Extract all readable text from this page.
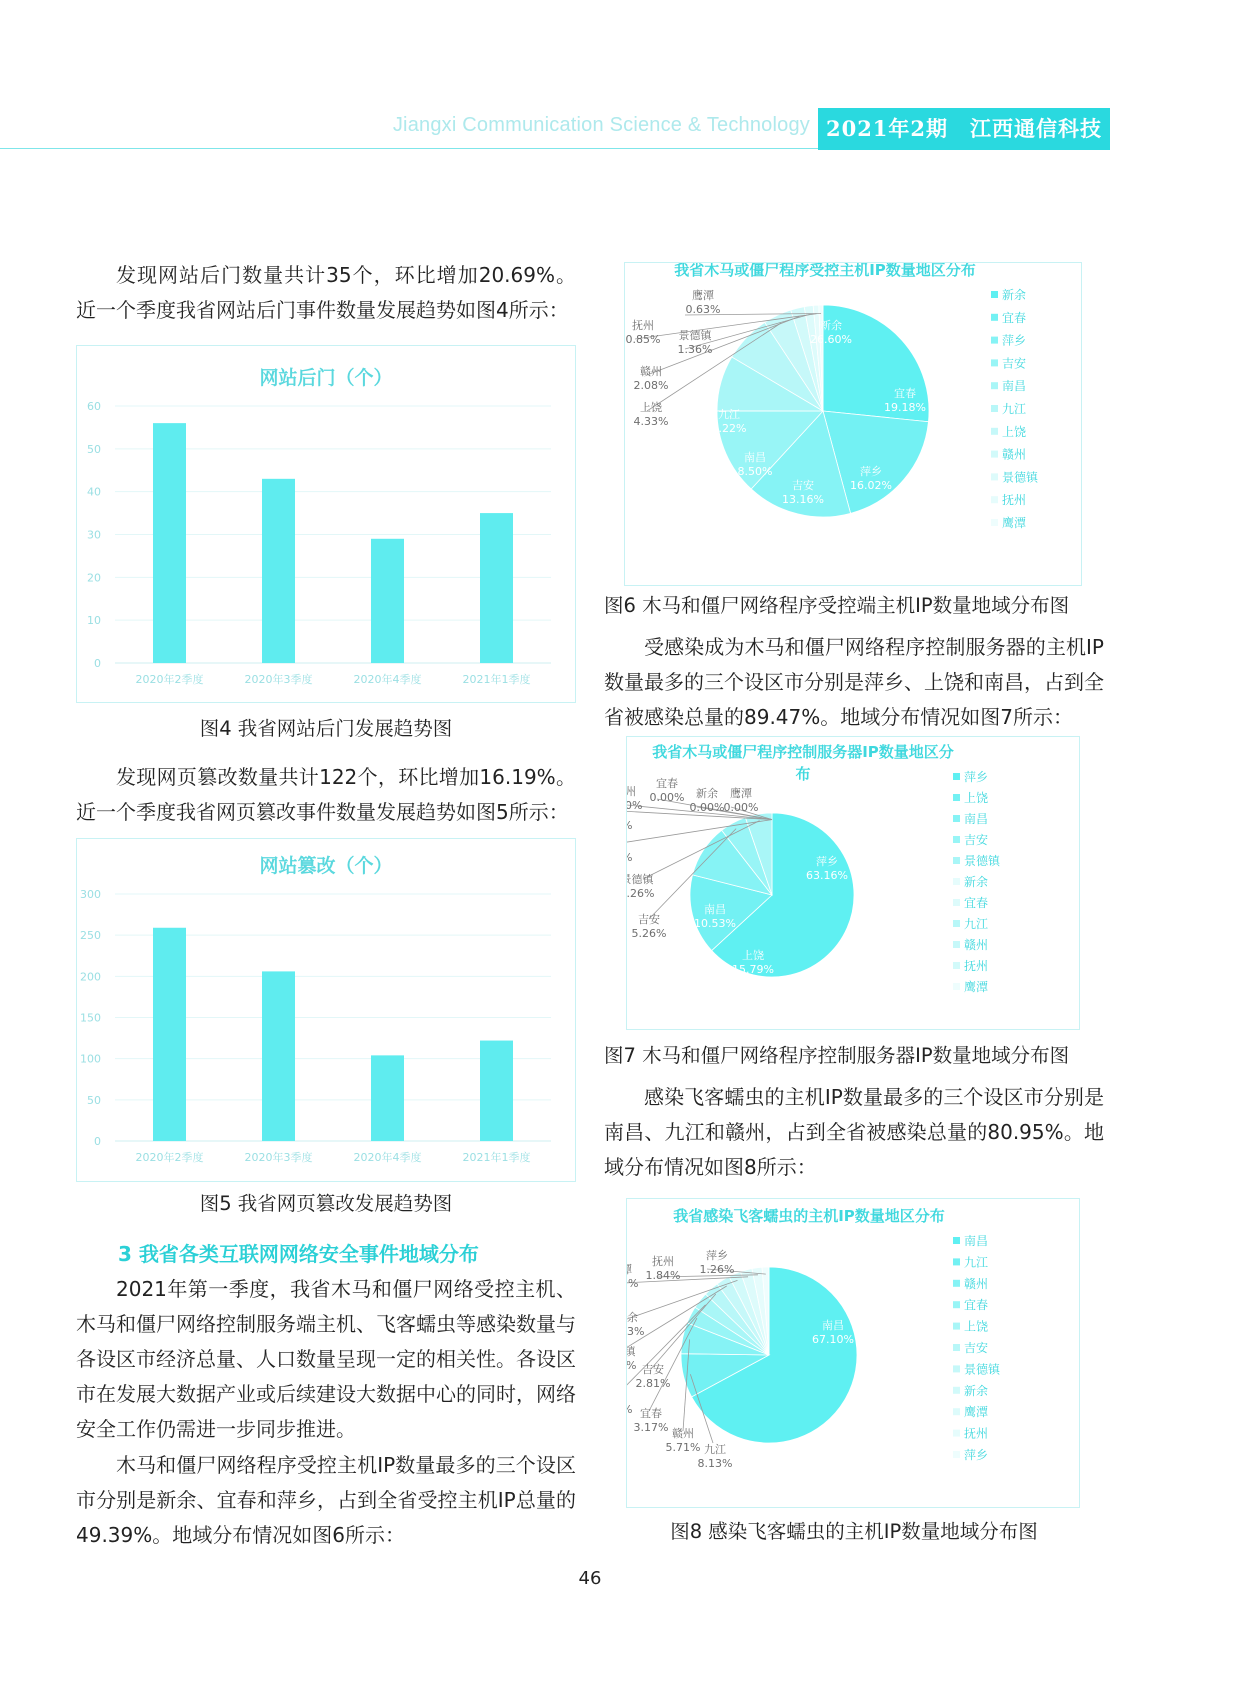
Jiangxi Communication Science & Technology 2021年2期　江西通信科技

发现网站后门数量共计35个，环比增加20.69%。近一个季度我省网站后门事件数量发展趋势如图4所示：

网站后门（个）
0
10
20
30
40
50
60
2020年2季度	2020年3季度	2020年4季度	2021年1季度
图4 我省网站后门发展趋势图

发现网页篡改数量共计122个，环比增加16.19%。近一个季度我省网页篡改事件数量发展趋势如图5所示：

网站篡改（个）
0
50
100
150
200
250
300
2020年2季度	2020年3季度	2020年4季度	2021年1季度
图5 我省网页篡改发展趋势图
3 我省各类互联网网络安全事件地域分布

2021年第一季度，我省木马和僵尸网络受控主机、木马和僵尸网络控制服务端主机、飞客蠕虫等感染数量与各设区市经济总量、人口数量呈现一定的相关性。各设区市在发展大数据产业或后续建设大数据中心的同时，网络安全工作仍需进一步同步推进。

木马和僵尸网络程序受控主机IP数量最多的三个设区市分别是新余、宜春和萍乡，占到全省受控主机IP总量的49.39%。地域分布情况如图6所示：

我省木马或僵尸程序受控主机IP数量地区分布
新余
26.60%
宜春
19.18%
萍乡
16.02%
吉安
13.16%
南昌
8.50%
九江
7.22%
上饶
4.33%
赣州
2.08%
景德镇
1.36%
抚州
0.85%
鹰潭
0.63%
新余
宜春
萍乡
吉安
南昌
九江
上饶
赣州
景德镇
抚州
鹰潭
图6 木马和僵尸网络程序受控端主机IP数量地域分布图

受感染成为木马和僵尸网络程序控制服务器的主机IP数量最多的三个设区市分别是萍乡、上饶和南昌，占到全省被感染总量的89.47%。地域分布情况如图7所示：

我省木马或僵尸程序控制服务器IP数量地区分
布
萍乡
63.16%
上饶
15.79%
南昌
10.53%
吉安
5.26%
德镇
26%
州
0%
宜春
0.00% 新余
0.00%
鹰潭
0.00%
萍乡
上饶
南昌
吉安
景德镇
新余
宜春
九江
赣州
抚州
鹰潭
图7 木马和僵尸网络程序控制服务器IP数量地域分布图

感染飞客蠕虫的主机IP数量最多的三个设区市分别是南昌、九江和赣州，占到全省被感染总量的80.95%。地域分布情况如图8所示：

我省感染飞客蠕虫的主机IP数量地区分布
南昌
67.10%
九江
8.13%
赣州
5.71%
宜春
3.17%
吉安
2.81%
镇
%
余
3%
%
抚州
1.84%
萍乡
1.26%
南昌
九江
赣州
宜春
上饶
吉安
景德镇
新余
鹰潭
抚州
萍乡
图8 感染飞客蠕虫的主机IP数量地域分布图
46
